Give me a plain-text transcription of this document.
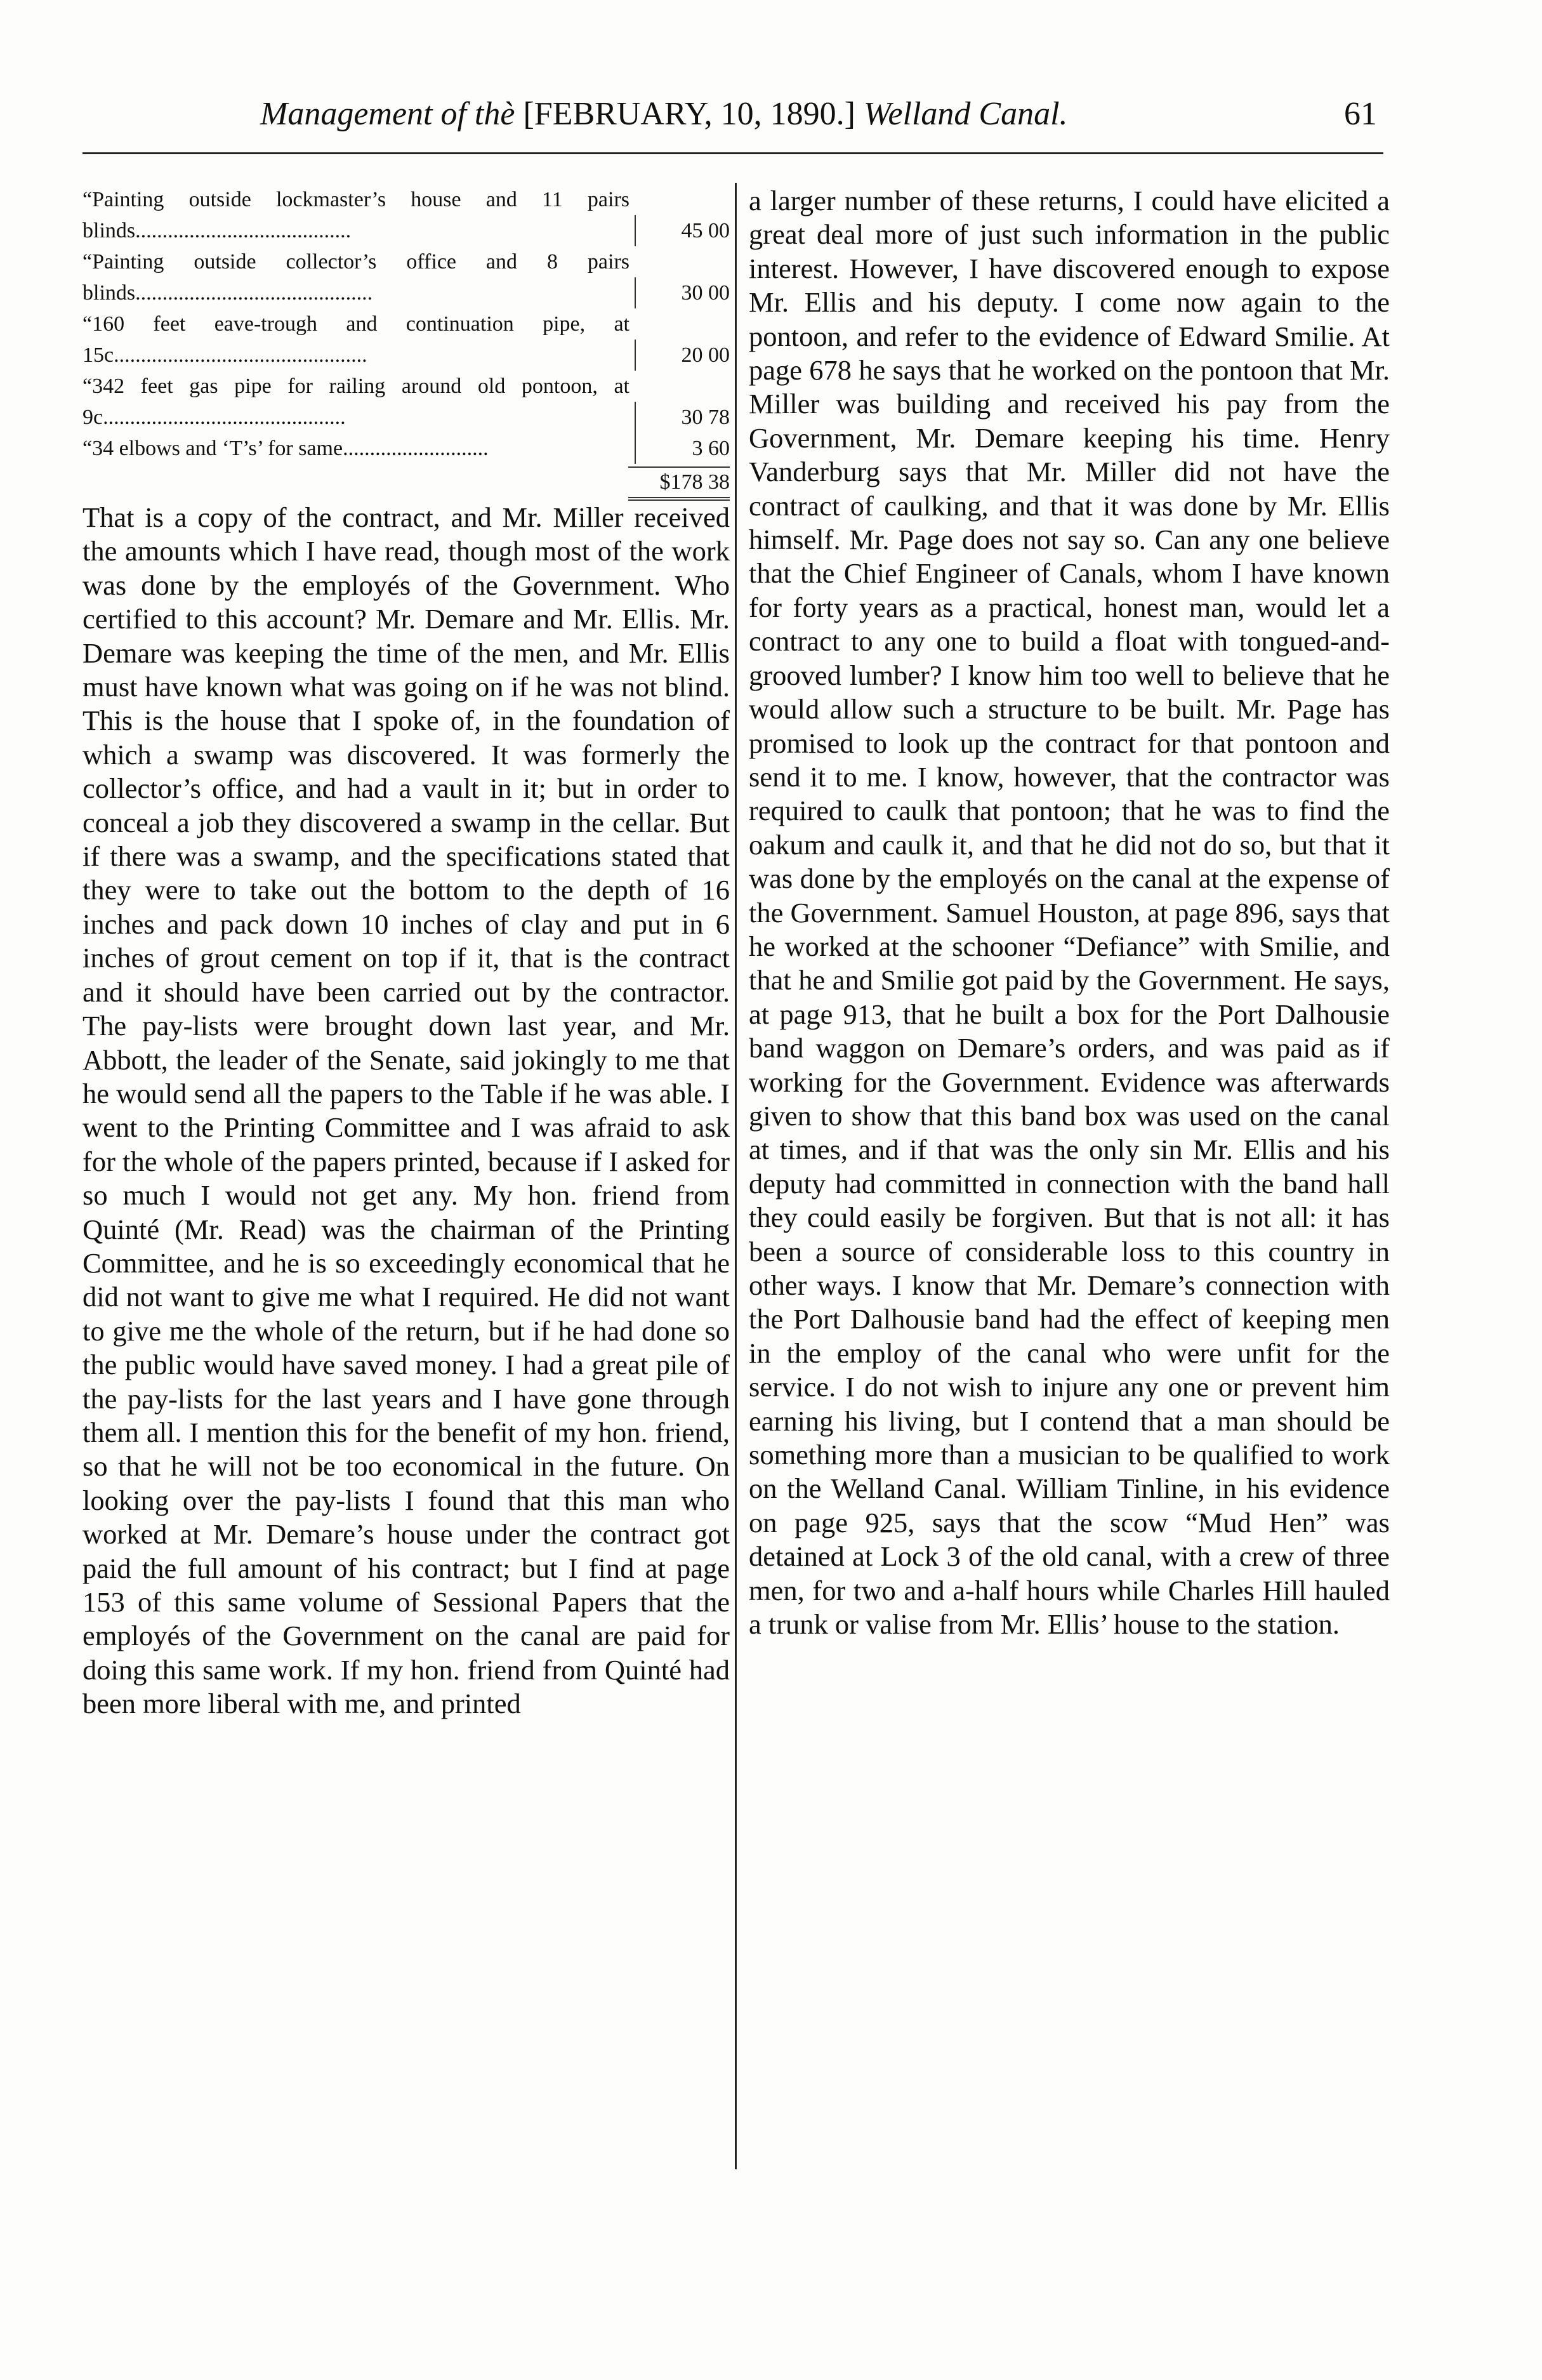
Management of thè [FEBRUARY, 10, 1890.] Welland Canal.	61
“Painting outside lockmaster’s house and 11 pairs blinds........................................	45 00
“Painting outside collector’s office and 8 pairs blinds............................................	30 00
“160 feet eave-trough and continuation pipe, at 15c...............................................	20 00
“342 feet gas pipe for railing around old pontoon, at 9c.............................................	30 78
“34 elbows and ‘T’s’ for same...........................	3 60
$178 38

That is a copy of the contract, and Mr. Miller received the amounts which I have read, though most of the work was done by the employés of the Government. Who certified to this account? Mr. Demare and Mr. Ellis. Mr. Demare was keeping the time of the men, and Mr. Ellis must have known what was going on if he was not blind. This is the house that I spoke of, in the foundation of which a swamp was discovered. It was formerly the collector’s office, and had a vault in it; but in order to conceal a job they discovered a swamp in the cellar. But if there was a swamp, and the specifications stated that they were to take out the bottom to the depth of 16 inches and pack down 10 inches of clay and put in 6 inches of grout cement on top if it, that is the contract and it should have been carried out by the contractor. The pay-lists were brought down last year, and Mr. Abbott, the leader of the Senate, said jokingly to me that he would send all the papers to the Table if he was able. I went to the Printing Committee and I was afraid to ask for the whole of the papers printed, because if I asked for so much I would not get any. My hon. friend from Quinté (Mr. Read) was the chairman of the Printing Committee, and he is so exceedingly economical that he did not want to give me what I required. He did not want to give me the whole of the return, but if he had done so the public would have saved money. I had a great pile of the pay-lists for the last years and I have gone through them all. I mention this for the benefit of my hon. friend, so that he will not be too economical in the future. On looking over the pay-lists I found that this man who worked at Mr. Demare’s house under the contract got paid the full amount of his contract; but I find at page 153 of this same volume of Sessional Papers that the employés of the Government on the canal are paid for doing this same work. If my hon. friend from Quinté had been more liberal with me, and printed

a larger number of these returns, I could have elicited a great deal more of just such information in the public interest. However, I have discovered enough to expose Mr. Ellis and his deputy. I come now again to the pontoon, and refer to the evidence of Edward Smilie. At page 678 he says that he worked on the pontoon that Mr. Miller was building and received his pay from the Government, Mr. Demare keeping his time. Henry Vanderburg says that Mr. Miller did not have the contract of caulking, and that it was done by Mr. Ellis himself. Mr. Page does not say so. Can any one believe that the Chief Engineer of Canals, whom I have known for forty years as a practical, honest man, would let a contract to any one to build a float with tongued-and-grooved lumber? I know him too well to believe that he would allow such a structure to be built. Mr. Page has promised to look up the contract for that pontoon and send it to me. I know, however, that the contractor was required to caulk that pontoon; that he was to find the oakum and caulk it, and that he did not do so, but that it was done by the employés on the canal at the expense of the Government. Samuel Houston, at page 896, says that he worked at the schooner “Defiance” with Smilie, and that he and Smilie got paid by the Government. He says, at page 913, that he built a box for the Port Dalhousie band waggon on Demare’s orders, and was paid as if working for the Government. Evidence was afterwards given to show that this band box was used on the canal at times, and if that was the only sin Mr. Ellis and his deputy had committed in connection with the band hall they could easily be forgiven. But that is not all: it has been a source of considerable loss to this country in other ways. I know that Mr. Demare’s connection with the Port Dalhousie band had the effect of keeping men in the employ of the canal who were unfit for the service. I do not wish to injure any one or prevent him earning his living, but I contend that a man should be something more than a musician to be qualified to work on the Welland Canal. William Tinline, in his evidence on page 925, says that the scow “Mud Hen” was detained at Lock 3 of the old canal, with a crew of three men, for two and a-half hours while Charles Hill hauled a trunk or valise from Mr. Ellis’ house to the station.
